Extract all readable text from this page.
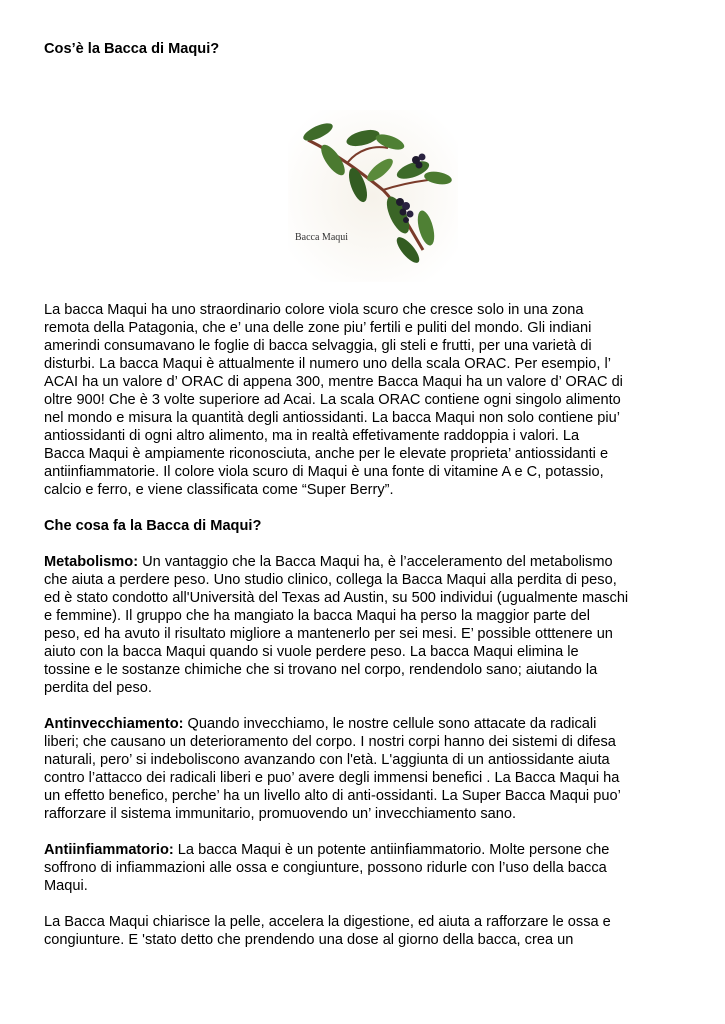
Cos’è la Bacca di Maqui?
Bacca Maqui

La bacca Maqui ha uno straordinario colore viola scuro che cresce solo in una zona
remota della Patagonia, che e’ una delle zone piu’ fertili e puliti del mondo. Gli indiani
amerindi consumavano le foglie di bacca selvaggia, gli steli e frutti, per una varietà di
disturbi. La bacca Maqui è attualmente il numero uno della scala ORAC. Per esempio, l’
ACAI ha un valore d’ ORAC di appena 300, mentre Bacca Maqui ha un valore d’ ORAC di
oltre 900! Che è 3 volte superiore ad Acai. La scala ORAC contiene ogni singolo alimento
nel mondo e misura la quantità degli antiossidanti. La bacca Maqui non solo contiene piu’
antiossidanti di ogni altro alimento, ma in realtà effetivamente raddoppia i valori. La
Bacca Maqui è ampiamente riconosciuta, anche per le elevate proprieta’ antiossidanti e
antiinfiammatorie. Il colore viola scuro di Maqui è una fonte di vitamine A e C, potassio,
calcio e ferro, e viene classificata come “Super Berry”.

Che cosa fa la Bacca di Maqui?

Metabolismo: Un vantaggio che la Bacca Maqui ha, è l’acceleramento del metabolismo
che aiuta a perdere peso. Uno studio clinico, collega la Bacca Maqui alla perdita di peso,
ed è stato condotto all'Università del Texas ad Austin, su 500 individui (ugualmente maschi
e femmine). Il gruppo che ha mangiato la bacca Maqui ha perso la maggior parte del
peso, ed ha avuto il risultato migliore a mantenerlo per sei mesi. E’ possible otttenere un
aiuto con la bacca Maqui quando si vuole perdere peso. La bacca Maqui elimina le
tossine e le sostanze chimiche che si trovano nel corpo, rendendolo sano; aiutando la
perdita del peso.

Antinvecchiamento: Quando invecchiamo, le nostre cellule sono attacate da radicali
liberi; che causano un deterioramento del corpo. I nostri corpi hanno dei sistemi di difesa
naturali, pero’ si indeboliscono avanzando con l'età. L'aggiunta di un antiossidante aiuta
contro l’attacco dei radicali liberi e puo’ avere degli immensi benefici . La Bacca Maqui ha
un effetto benefico, perche’ ha un livello alto di anti-ossidanti. La Super Bacca Maqui puo’
rafforzare il sistema immunitario, promuovendo un’ invecchiamento sano.

Antiinfiammatorio: La bacca Maqui è un potente antiinfiammatorio. Molte persone che
soffrono di infiammazioni alle ossa e congiunture, possono ridurle con l’uso della bacca
Maqui.

La Bacca Maqui chiarisce la pelle, accelera la digestione, ed aiuta a rafforzare le ossa e
congiunture. E 'stato detto che prendendo una dose al giorno della bacca, crea un
